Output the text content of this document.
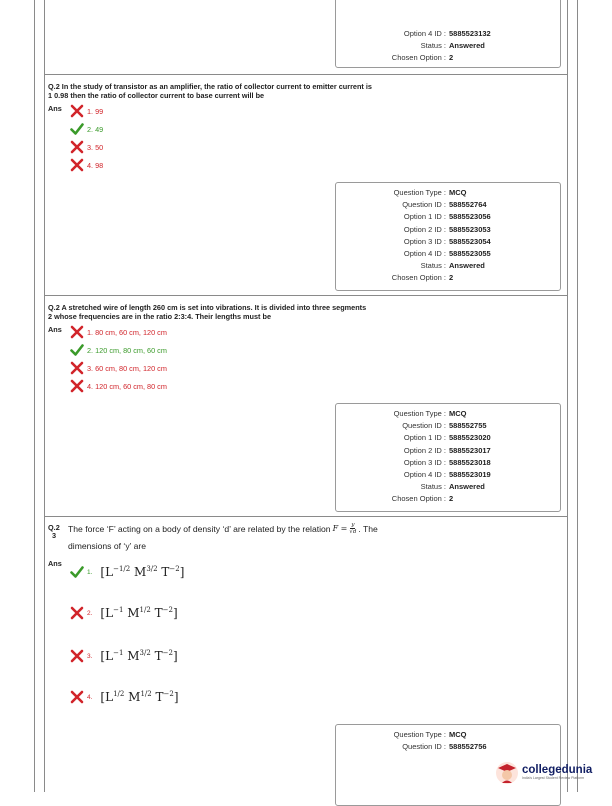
Option 4 ID : 5885523132
Status : Answered
Chosen Option : 2
Q.2 In the study of transistor as an amplifier, the ratio of collector current to emitter current is
1 0.98 then the ratio of collector current to base current will be
Ans	1. 99
2. 49
3. 50
4. 98
Question Type : MCQ
Question ID : 588552764
Option 1 ID : 5885523056
Option 2 ID : 5885523053
Option 3 ID : 5885523054
Option 4 ID : 5885523055
Status : Answered
Chosen Option : 2
Q.2 A stretched wire of length 260 cm is set into vibrations. It is divided into three segments
2 whose frequencies are in the ratio 2:3:4. Their lengths must be
Ans	1. 80 cm, 60 cm, 120 cm
2. 120 cm, 80 cm, 60 cm
3. 60 cm, 80 cm, 120 cm
4. 120 cm, 60 cm, 80 cm
Question Type : MCQ
Question ID : 588552755
Option 1 ID : 5885523020
Option 2 ID : 5885523017
Option 3 ID : 5885523018
Option 4 ID : 5885523019
Status : Answered
Chosen Option : 2
Q.2
3
The force ‘F’ acting on a body of density ‘d’ are related by the relation $F = \frac{y}{√d}$ . The
dimensions of ‘y’ are
Ans
1. [$L^{-1/2}$ $M^{3/2}$ $T^{-2}$]
2. [$L^{-1}$ $M^{1/2}$ $T^{-2}$]
3. [$L^{-1}$ $M^{3/2}$ $T^{-2}$]
4. [$L^{1/2}$ $M^{1/2}$ $T^{-2}$]
Question Type : MCQ
Question ID : 588552756
collegedunia
India's Largest Student Review Platform
